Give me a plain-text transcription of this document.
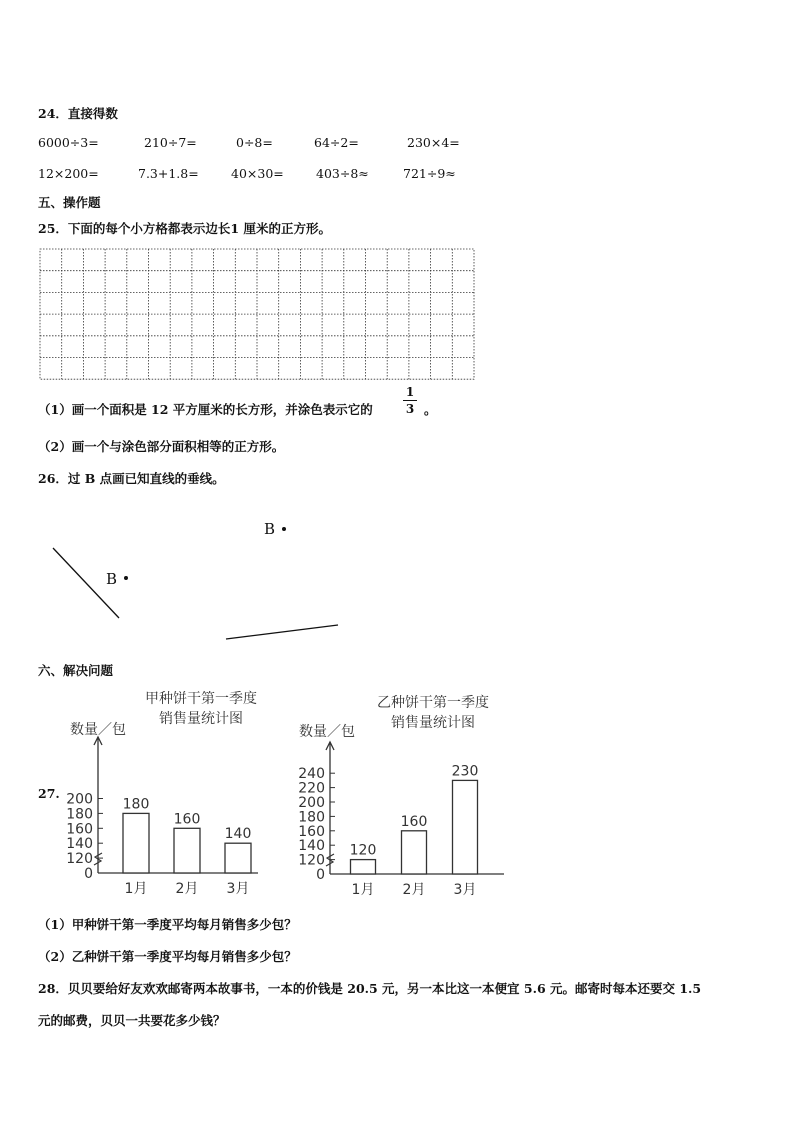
24．直接得数
6000÷3=	210÷7=	0÷8=	64÷2=	230×4=
12×200=	7.3+1.8=	40×30=	403÷8≈	721÷9≈
五、操作题
25．下面的每个小方格都表示边长1 厘米的正方形。
（1）画一个面积是 12 平方厘米的长方形，并涂色表示它的
1
3 。
（2）画一个与涂色部分面积相等的正方形。
26．过 B 点画已知直线的垂线。
B
B
六、解决问题
27.
甲种饼干第一季度
销售量统计图
数量／包
0
120
140
160
180
200 180
1月
160
2月
140
3月
乙种饼干第一季度
销售量统计图
数量／包
0
120
140
160
180
200
220
240
120
1月
160
2月
230
3月
（1）甲种饼干第一季度平均每月销售多少包？
（2）乙种饼干第一季度平均每月销售多少包？
28．贝贝要给好友欢欢邮寄两本故事书，一本的价钱是 20.5 元，另一本比这一本便宜 5.6 元。邮寄时每本还要交 1.5
元的邮费，贝贝一共要花多少钱？
